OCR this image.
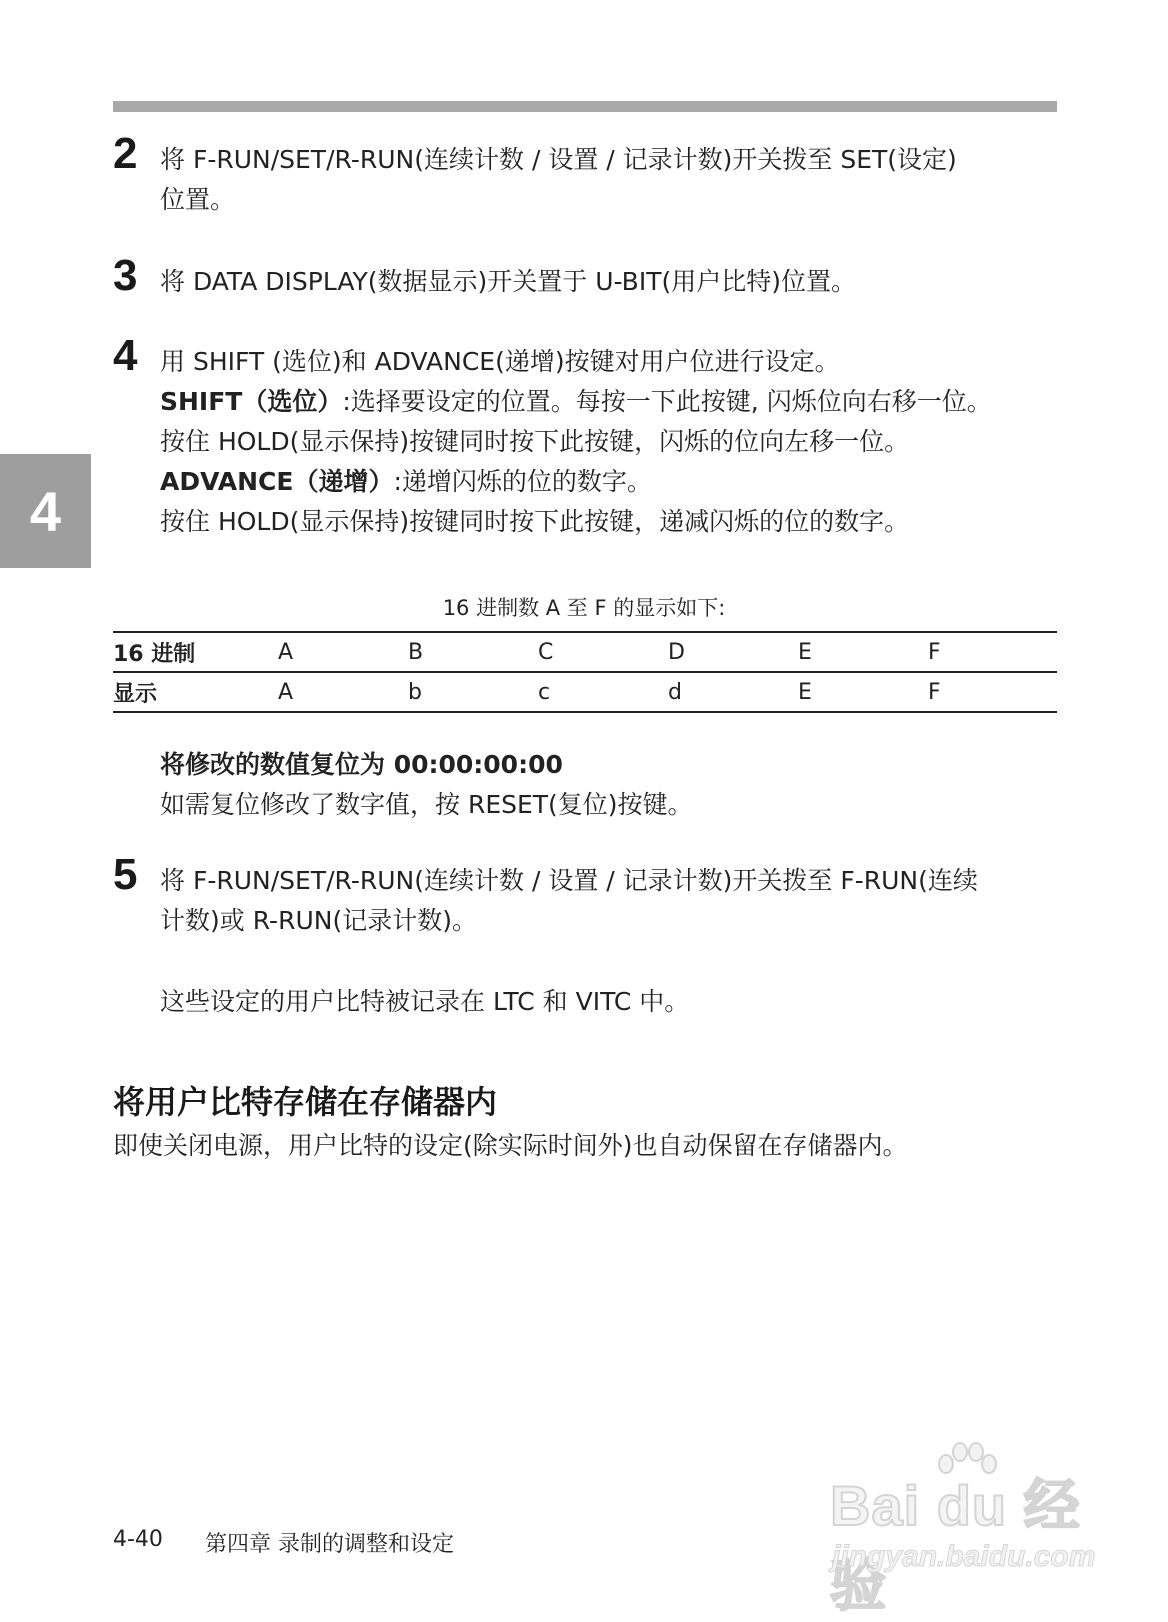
4
2 将 F-RUN/SET/R-RUN(连续计数 / 设置 / 记录计数)开关拨至 SET(设定)
位置。

3 将 DATA DISPLAY(数据显示)开关置于 U-BIT(用户比特)位置。

4 用 SHIFT (选位)和 ADVANCE(递增)按键对用户位进行设定。
SHIFT（选位）:选择要设定的位置。每按一下此按键, 闪烁位向右移一位。
按住 HOLD(显示保持)按键同时按下此按键，闪烁的位向左移一位。
ADVANCE（递增）:递增闪烁的位的数字。
按住 HOLD(显示保持)按键同时按下此按键，递减闪烁的位的数字。

16 进制数 A 至 F 的显示如下:
16 进制	A	B	C	D	E	F
显示	A	b	c	d	E	F

将修改的数值复位为 00:00:00:00
如需复位修改了数字值，按 RESET(复位)按键。

5 将 F-RUN/SET/R-RUN(连续计数 / 设置 / 记录计数)开关拨至 F-RUN(连续
计数)或 R-RUN(记录计数)。

这些设定的用户比特被记录在 LTC 和 VITC 中。

将用户比特存储在存储器内
即使关闭电源，用户比特的设定(除实际时间外)也自动保留在存储器内。
4-40 第四章 录制的调整和设定
Bai du 经验
jingyan.baidu.com
